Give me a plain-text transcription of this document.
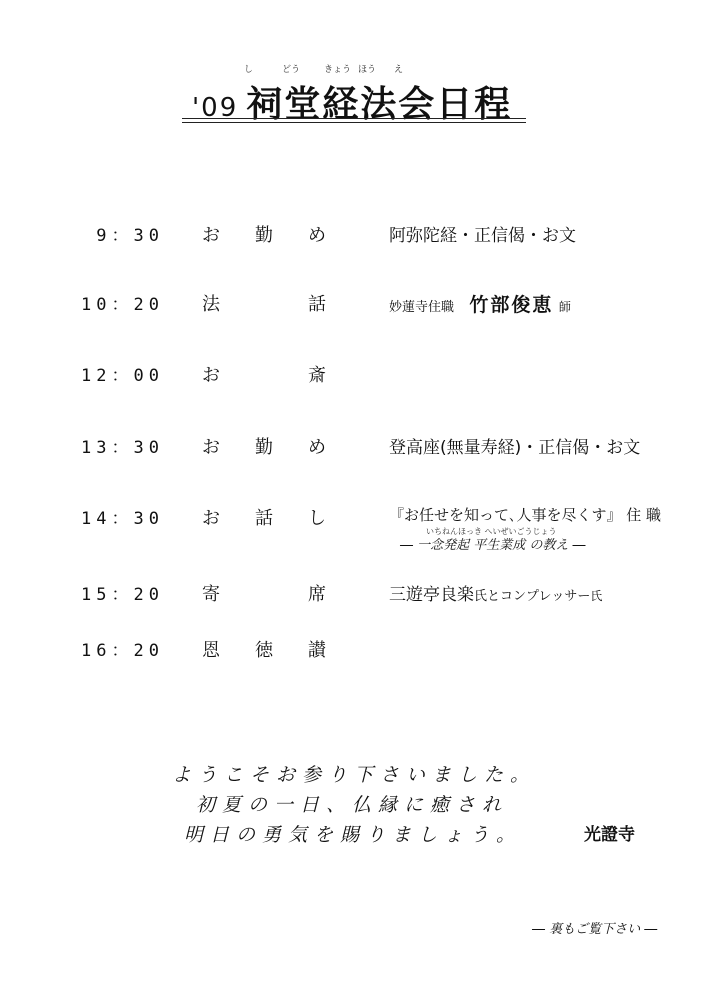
し	どう	きょう ほう え
'09 祠堂経法会日程
9：30 お 勤 め	阿弥陀経・正信偈・お文
10：20 法	話	妙蓮寺住職 竹部俊恵 師
12：00 お	斎
13：30 お 勤 め	登高座(無量寿経)・正信偈・お文
14：30 お 話 し	『お任せを知って､人事を尽くす』 住 職
いちねんほっき へいぜいごうじょう
― 一念発起 平生業成 の教え ―
15：20 寄	席	三遊亭良楽氏とコンプレッサー氏
16：20 恩 徳 讃
ようこそお参り下さいました。
初夏の一日、仏縁に癒され
明日の勇気を賜りましょう。	光證寺
― 裏もご覧下さい ―
